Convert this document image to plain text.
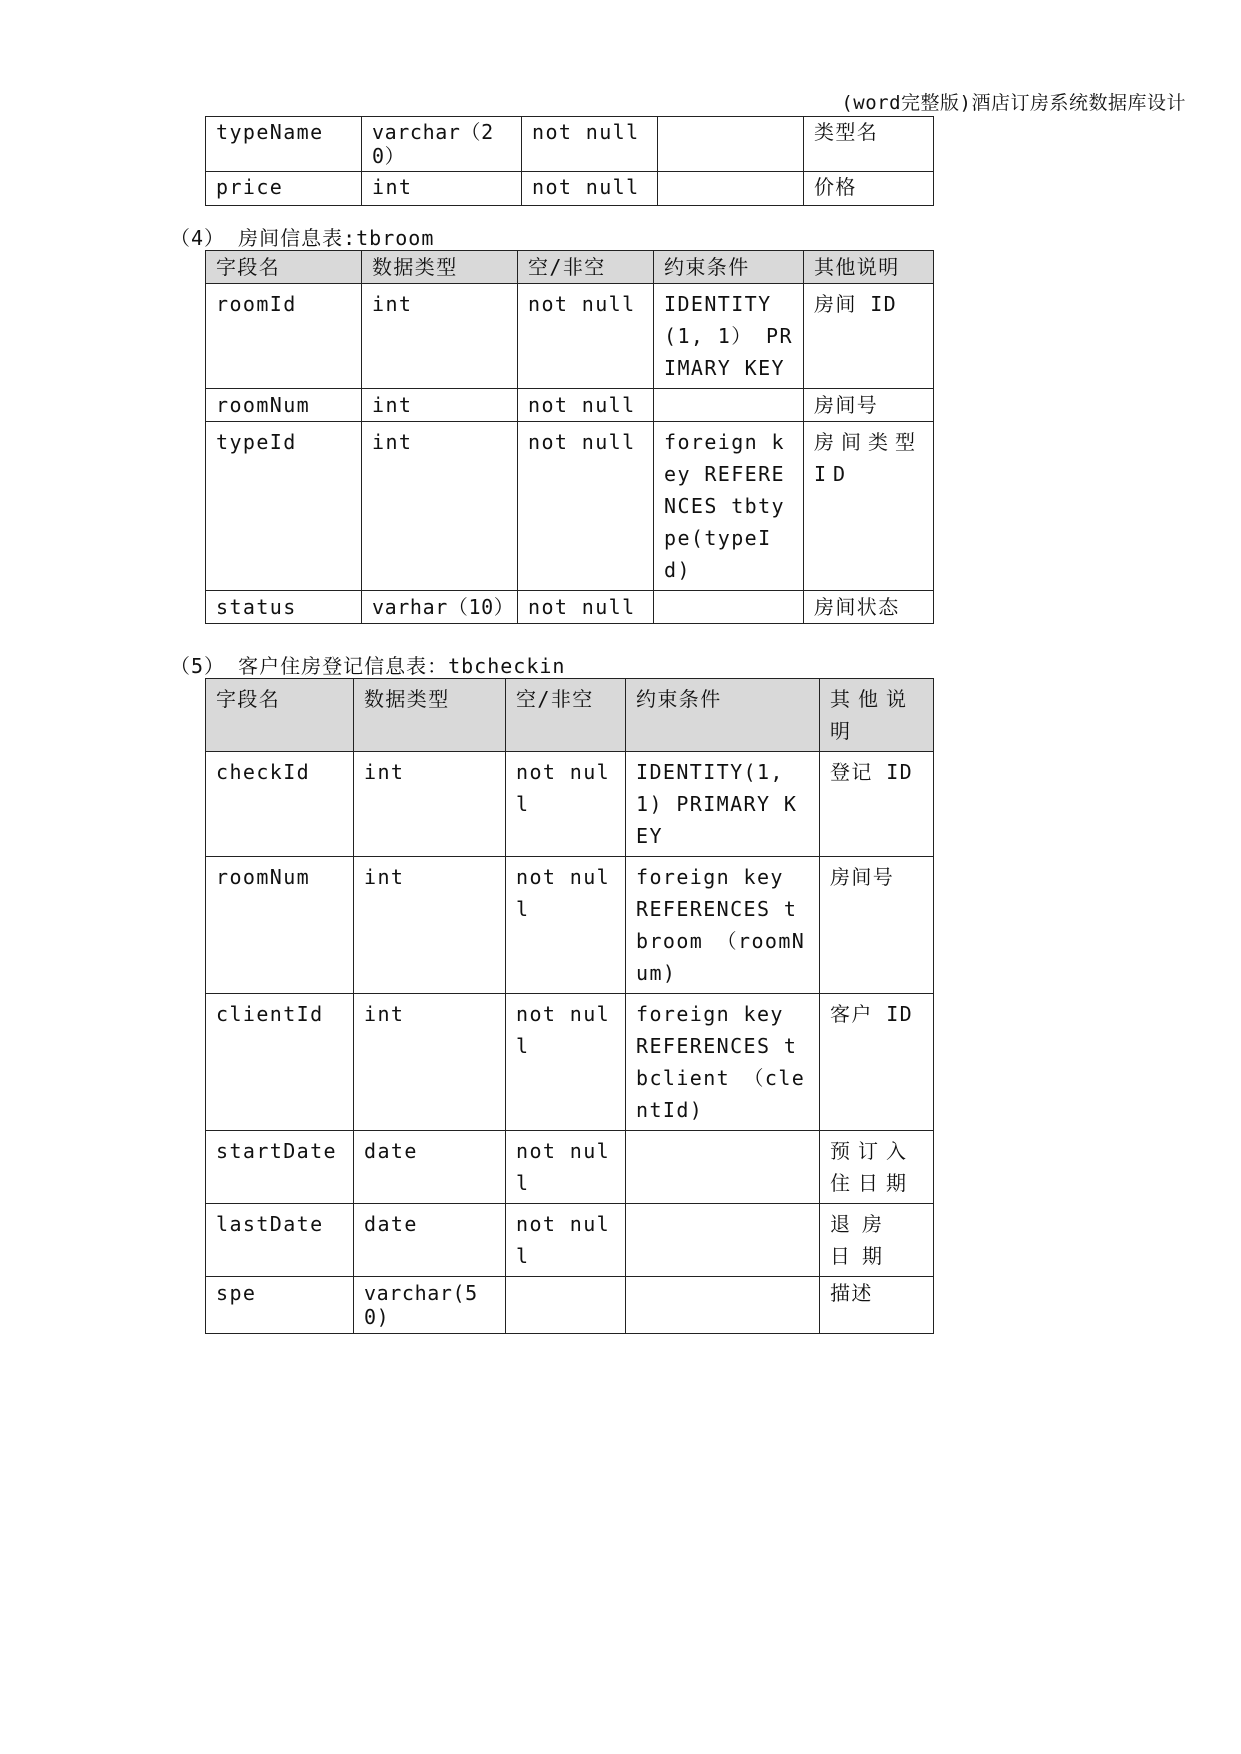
(word完整版)酒店订房系统数据库设计
typeName	varchar（20）	not null		类型名
price	int	not null		价格
（4） 房间信息表:tbroom
字段名	数据类型	空/非空	约束条件	其他说明
roomId	int	not null	IDENTITY(1, 1） PRIMARY KEY	房间 ID
roomNum	int	not null		房间号
typeId	int	not null	foreign key REFERENCES tbtype(typeId)	房间类型ID
status	varhar（10）	not null		房间状态
（5） 客户住房登记信息表：tbcheckin
字段名	数据类型	空/非空	约束条件	其他说明
checkId	int	not null	IDENTITY(1, 1) PRIMARY KEY	登记 ID
roomNum	int	not null	foreign key REFERENCES tbroom （roomNum)	房间号
clientId	int	not null	foreign key REFERENCES tbclient （clentId)	客户 ID
startDate	date	not null		预订入住日期
lastDate	date	not null		退房日期
spe	varchar(50)			描述
